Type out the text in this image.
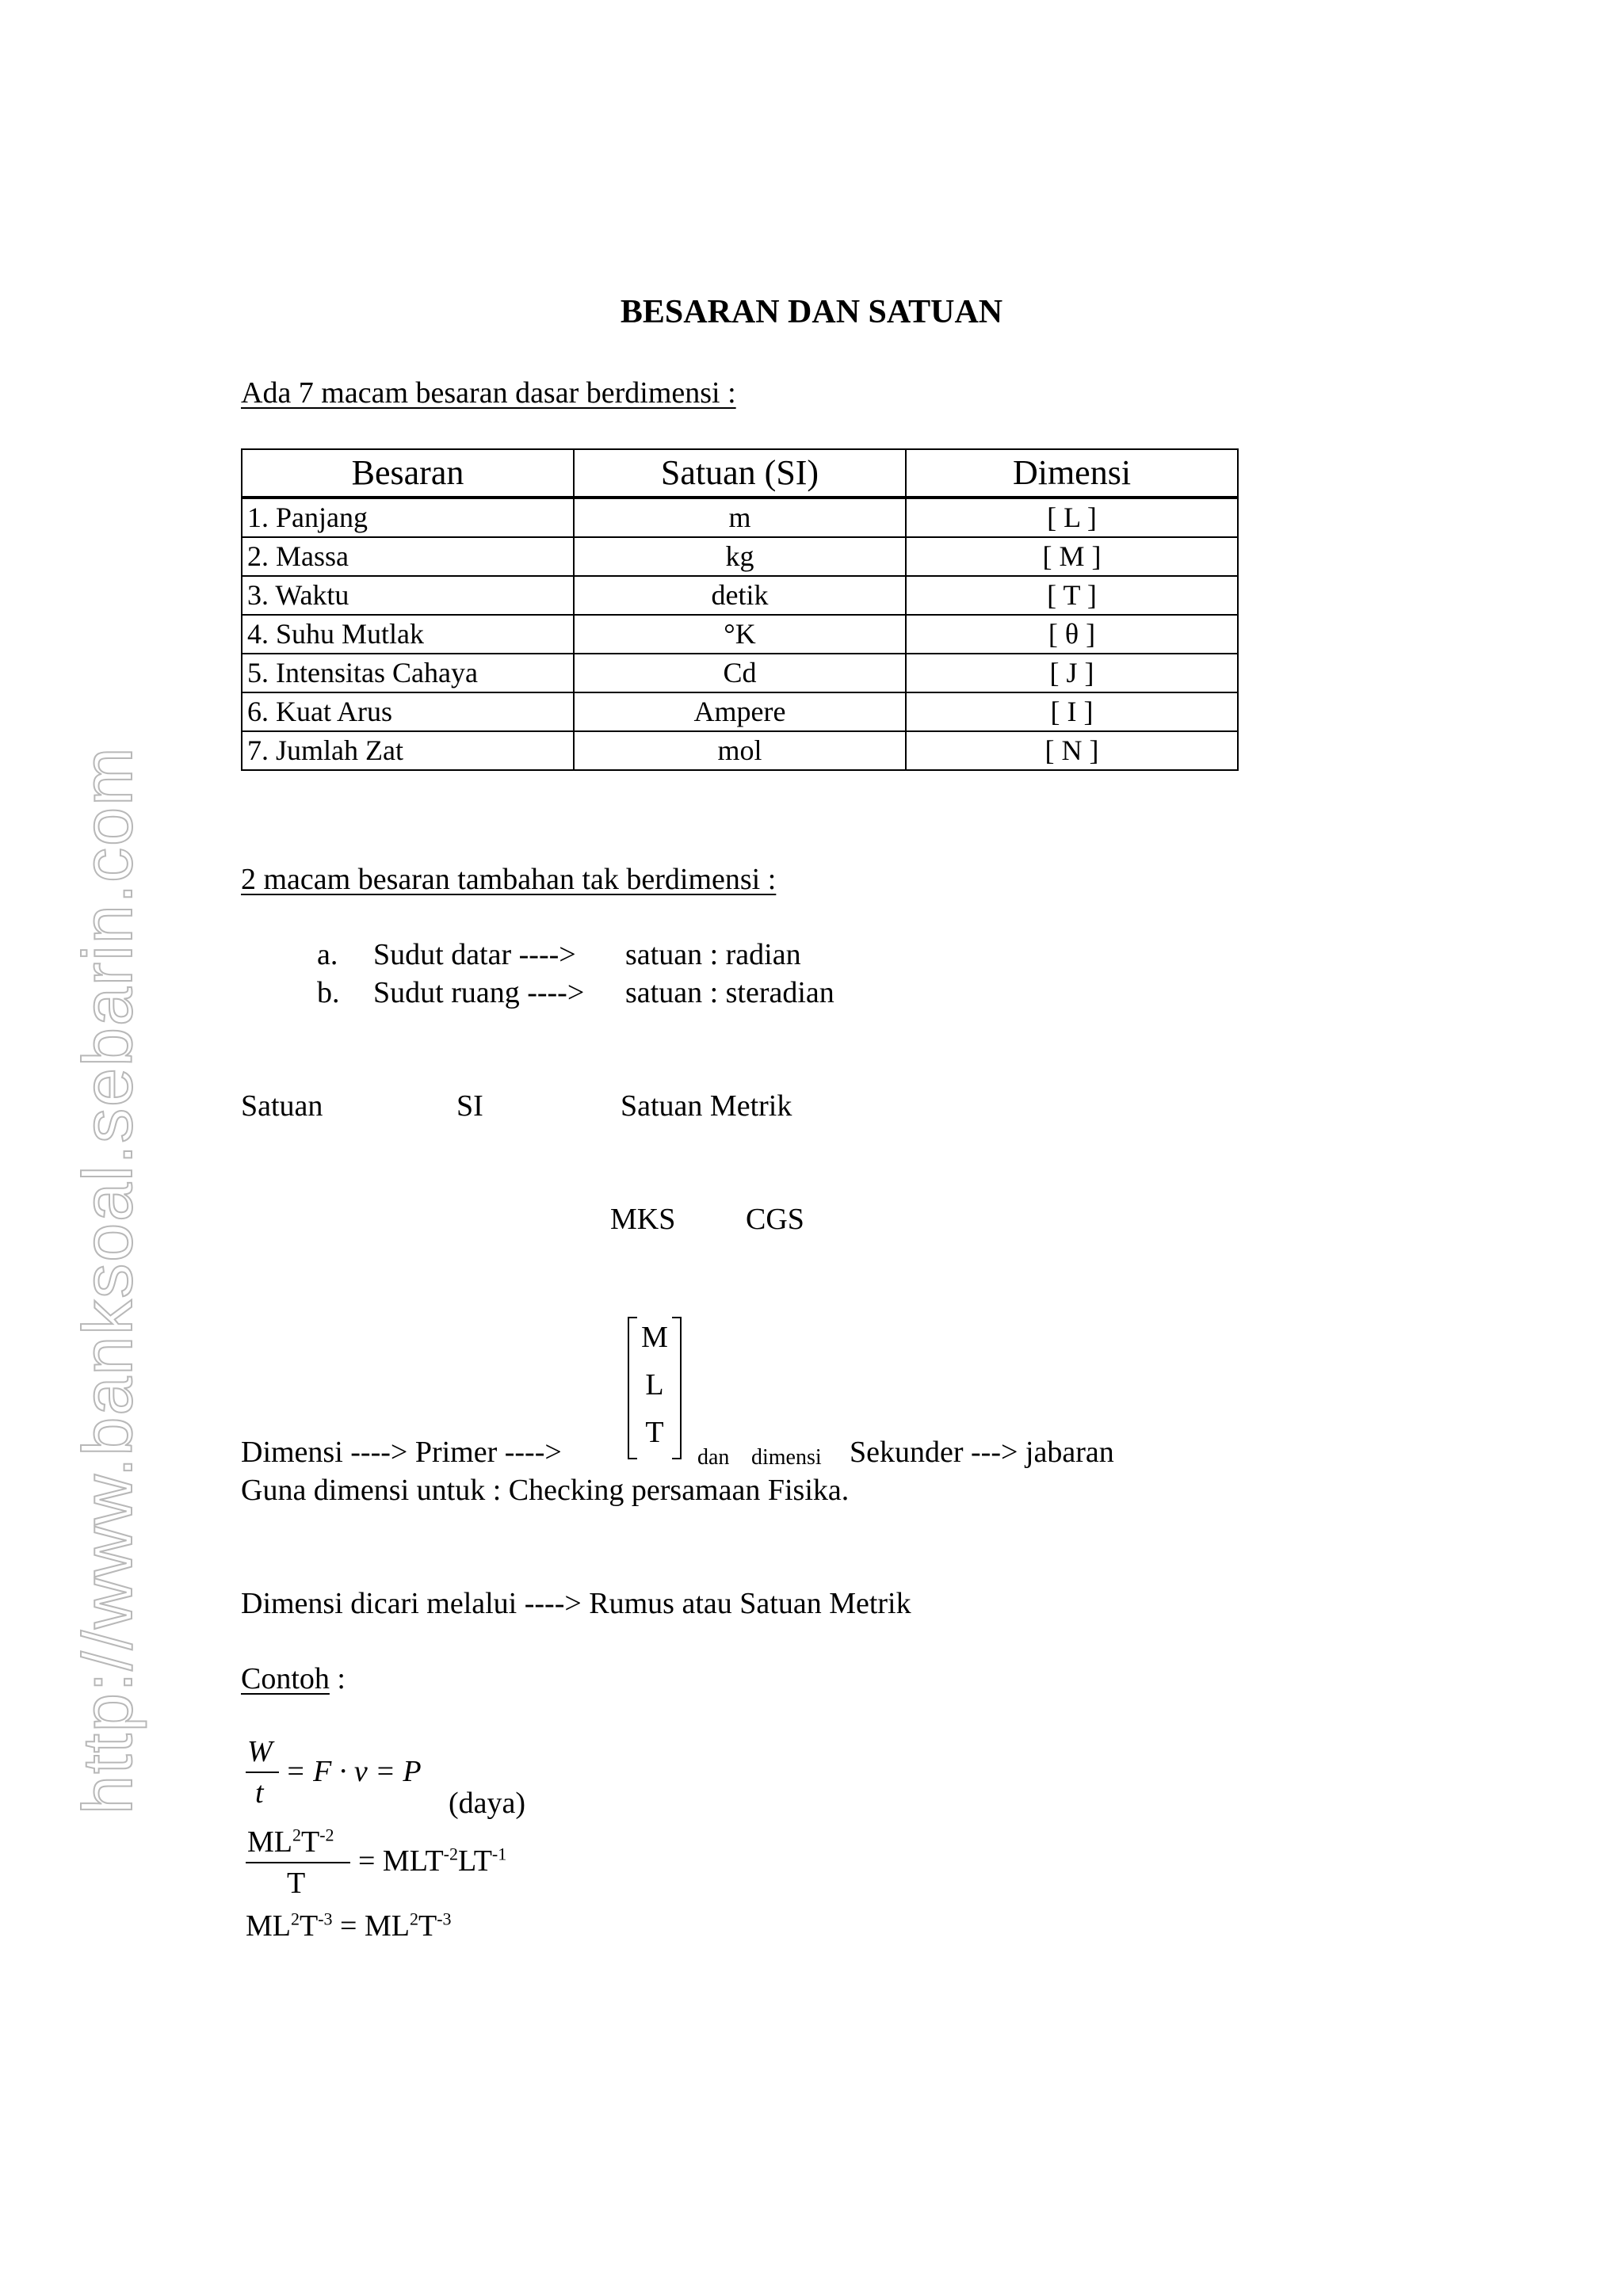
http://www.banksoal.sebarin.com
BESARAN DAN SATUAN
Ada 7 macam besaran dasar berdimensi :
Besaran	Satuan (SI)	Dimensi
1. Panjang	m	[ L ]
2. Massa	kg	[ M ]
3. Waktu	detik	[ T ]
4. Suhu Mutlak	°K	[ θ ]
5. Intensitas Cahaya	Cd	[ J ]
6. Kuat Arus	Ampere	[ I ]
7. Jumlah Zat	mol	[ N ]
2 macam besaran tambahan tak berdimensi :
a. Sudut datar ----> satuan : radian
b. Sudut ruang ----> satuan : steradian
Satuan	SI	Satuan Metrik
MKS CGS
M
L
T
Dimensi ----> Primer ---->	dan dimensi Sekunder ---> jabaran
Guna dimensi untuk : Checking persamaan Fisika.
Dimensi dicari melalui ----> Rumus atau Satuan Metrik
Contoh :
W
t
= F · v = P
(daya)
$ML^2T^{-2}$
T
= $MLT^{-2}LT^{-1}$
$ML^2T^{-3} = ML^2T^{-3}$
